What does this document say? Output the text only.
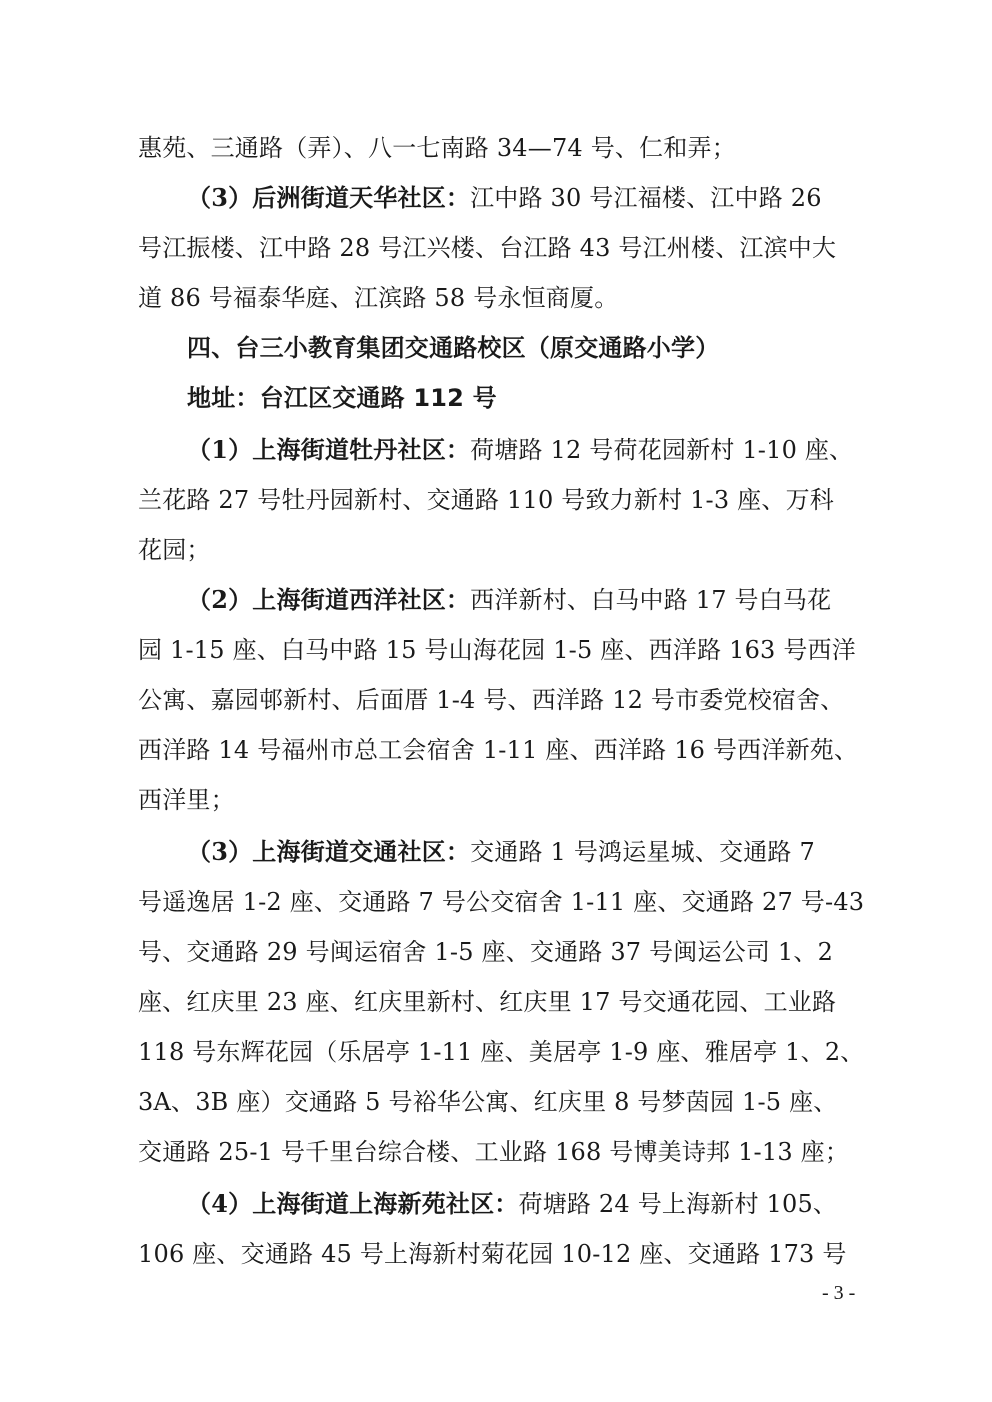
惠苑、三通路（弄）、八一七南路 34—74 号、仁和弄；
（3）后洲街道天华社区：江中路 30 号江福楼、江中路 26
号江振楼、江中路 28 号江兴楼、台江路 43 号江州楼、江滨中大
道 86 号福泰华庭、江滨路 58 号永恒商厦。
四、台三小教育集团交通路校区（原交通路小学）
地址：台江区交通路 112 号
（1）上海街道牡丹社区：荷塘路 12 号荷花园新村 1-10 座、
兰花路 27 号牡丹园新村、交通路 110 号致力新村 1-3 座、万科
花园；
（2）上海街道西洋社区：西洋新村、白马中路 17 号白马花
园 1-15 座、白马中路 15 号山海花园 1-5 座、西洋路 163 号西洋
公寓、嘉园邨新村、后面厝 1-4 号、西洋路 12 号市委党校宿舍、
西洋路 14 号福州市总工会宿舍 1-11 座、西洋路 16 号西洋新苑、
西洋里；
（3）上海街道交通社区：交通路 1 号鸿运星城、交通路 7
号遥逸居 1-2 座、交通路 7 号公交宿舍 1-11 座、交通路 27 号-43
号、交通路 29 号闽运宿舍 1-5 座、交通路 37 号闽运公司 1、2
座、红庆里 23 座、红庆里新村、红庆里 17 号交通花园、工业路
118 号东辉花园（乐居亭 1-11 座、美居亭 1-9 座、雅居亭 1、2、
3A、3B 座）交通路 5 号裕华公寓、红庆里 8 号梦茵园 1-5 座、
交通路 25-1 号千里台综合楼、工业路 168 号博美诗邦 1-13 座；
（4）上海街道上海新苑社区：荷塘路 24 号上海新村 105、
106 座、交通路 45 号上海新村菊花园 10-12 座、交通路 173 号
- 3 -
